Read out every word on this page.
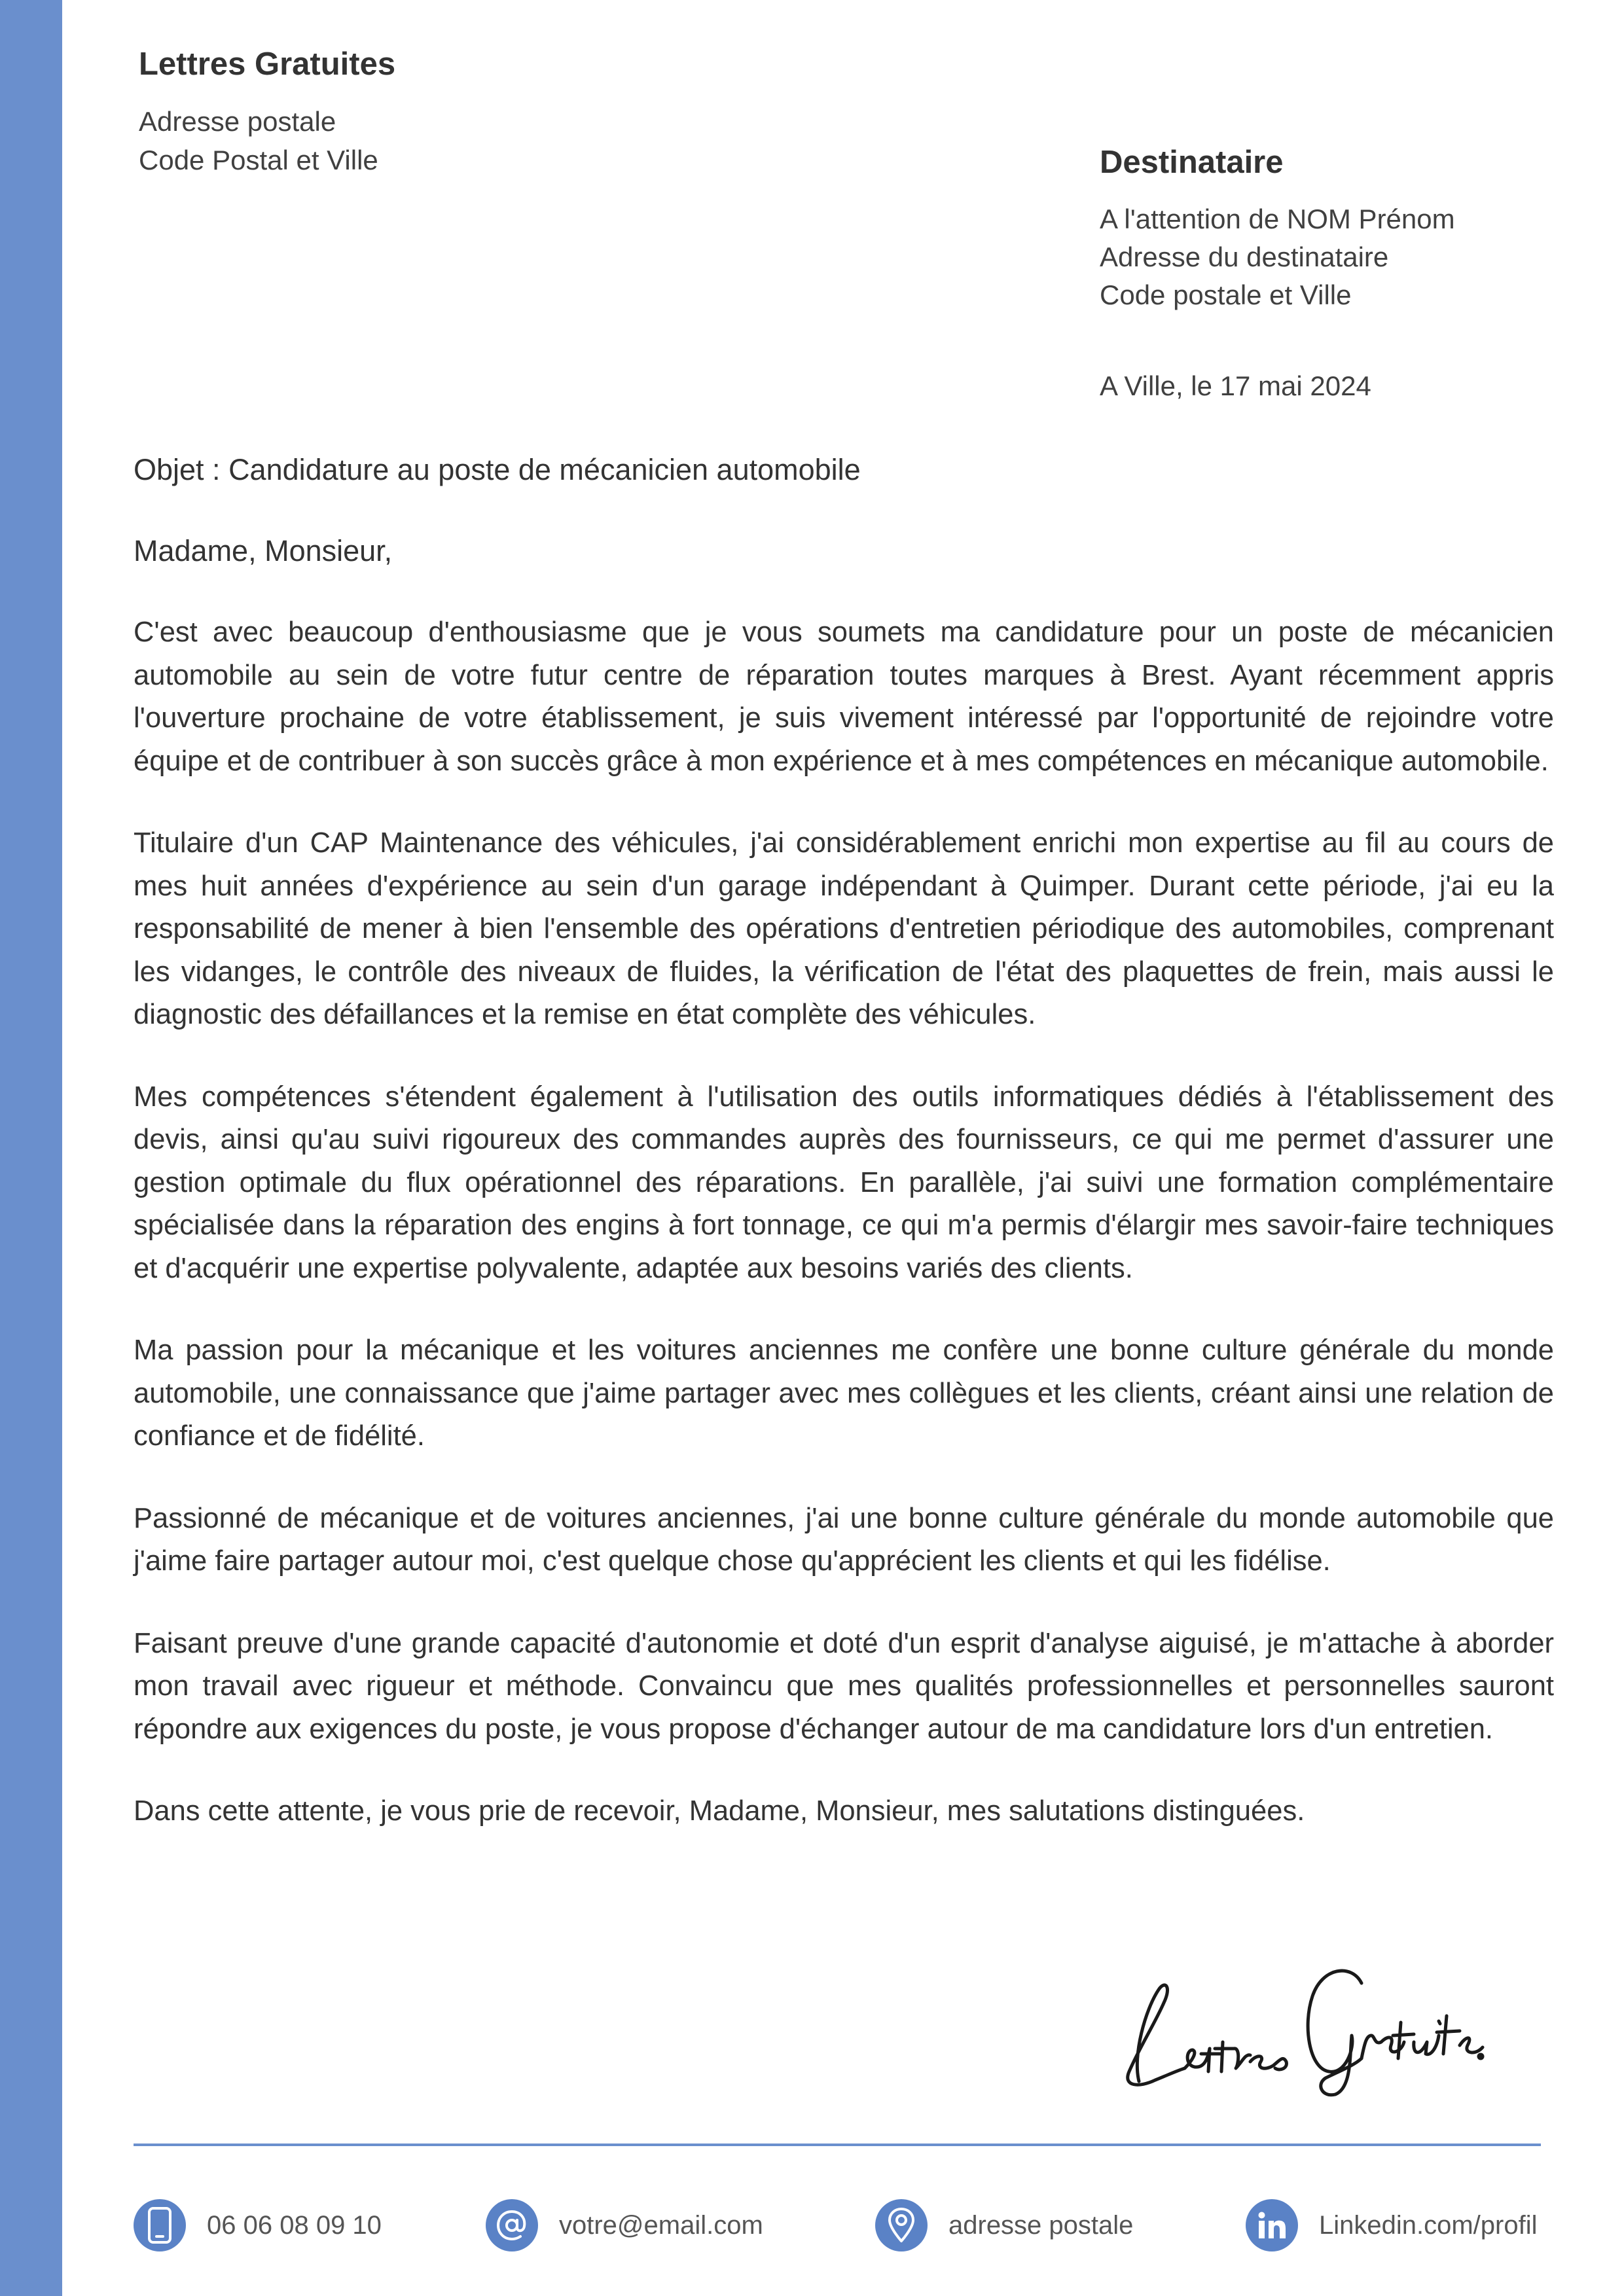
Lettres Gratuites
Adresse postale
Code Postal et Ville	Destinataire
A l'attention de NOM Prénom
Adresse du destinataire
Code postale et Ville
A Ville, le 17 mai 2024
Objet : Candidature au poste de mécanicien automobile
Madame, Monsieur,

C'est avec beaucoup d'enthousiasme que je vous soumets ma candidature pour un poste de mécanicien automobile au sein de votre futur centre de réparation toutes marques à Brest. Ayant récemment appris l'ouverture prochaine de votre établissement, je suis vivement intéressé par l'opportunité de rejoindre votre équipe et de contribuer à son succès grâce à mon expérience et à mes compétences en mécanique automobile.

Titulaire d'un CAP Maintenance des véhicules, j'ai considérablement enrichi mon expertise au fil au cours de mes huit années d'expérience au sein d'un garage indépendant à Quimper. Durant cette période, j'ai eu la responsabilité de mener à bien l'ensemble des opérations d'entretien périodique des automobiles, comprenant les vidanges, le contrôle des niveaux de fluides, la vérification de l'état des plaquettes de frein, mais aussi le diagnostic des défaillances et la remise en état complète des véhicules.

Mes compétences s'étendent également à l'utilisation des outils informatiques dédiés à l'établissement des devis, ainsi qu'au suivi rigoureux des commandes auprès des fournisseurs, ce qui me permet d'assurer une gestion optimale du flux opérationnel des réparations. En parallèle, j'ai suivi une formation complémentaire spécialisée dans la réparation des engins à fort tonnage, ce qui m'a permis d'élargir mes savoir-faire techniques et d'acquérir une expertise polyvalente, adaptée aux besoins variés des clients.

Ma passion pour la mécanique et les voitures anciennes me confère une bonne culture générale du monde automobile, une connaissance que j'aime partager avec mes collègues et les clients, créant ainsi une relation de confiance et de fidélité.

Passionné de mécanique et de voitures anciennes, j'ai une bonne culture générale du monde automobile que j'aime faire partager autour moi, c'est quelque chose qu'apprécient les clients et qui les fidélise.

Faisant preuve d'une grande capacité d'autonomie et doté d'un esprit d'analyse aiguisé, je m'attache à aborder mon travail avec rigueur et méthode. Convaincu que mes qualités professionnelles et personnelles sauront répondre aux exigences du poste, je vous propose d'échanger autour de ma candidature lors d'un entretien.

Dans cette attente, je vous prie de recevoir, Madame, Monsieur, mes salutations distinguées.

06 06 08 09 10	votre@email.com	adresse postale	Linkedin.com/profil
